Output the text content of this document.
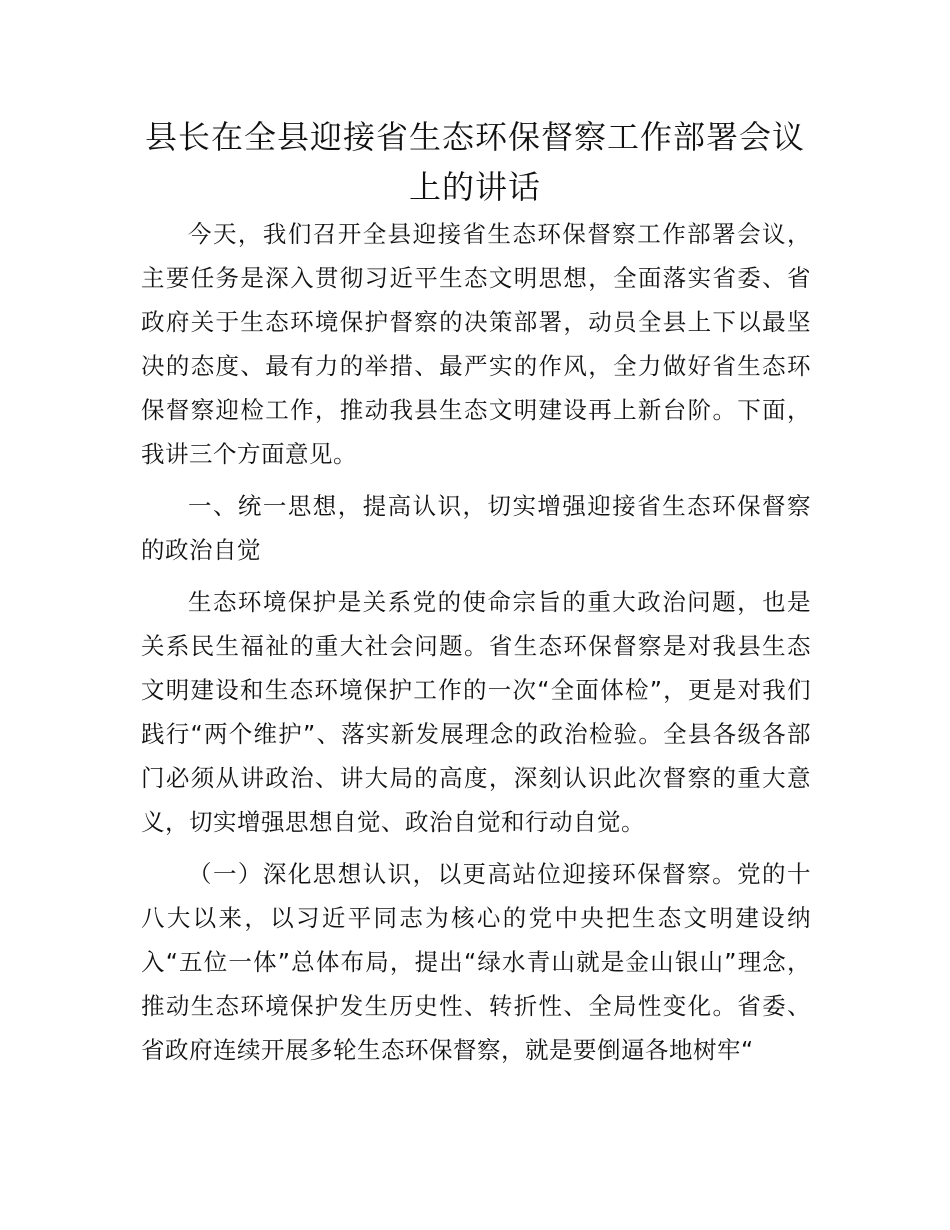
县长在全县迎接省生态环保督察工作部署会议
上的讲话

今天，我们召开全县迎接省生态环保督察工作部署会议，主要任务是深入贯彻习近平生态文明思想，全面落实省委、省政府关于生态环境保护督察的决策部署，动员全县上下以最坚决的态度、最有力的举措、最严实的作风，全力做好省生态环保督察迎检工作，推动我县生态文明建设再上新台阶。下面，我讲三个方面意见。

一、统一思想，提高认识，切实增强迎接省生态环保督察的政治自觉

生态环境保护是关系党的使命宗旨的重大政治问题，也是关系民生福祉的重大社会问题。省生态环保督察是对我县生态文明建设和生态环境保护工作的一次“全面体检”，更是对我们践行“两个维护”、落实新发展理念的政治检验。全县各级各部门必须从讲政治、讲大局的高度，深刻认识此次督察的重大意义，切实增强思想自觉、政治自觉和行动自觉。

（一）深化思想认识，以更高站位迎接环保督察。党的十八大以来，以习近平同志为核心的党中央把生态文明建设纳入“五位一体”总体布局，提出“绿水青山就是金山银山”理念，推动生态环境保护发生历史性、转折性、全局性变化。省委、省政府连续开展多轮生态环保督察，就是要倒逼各地树牢“
